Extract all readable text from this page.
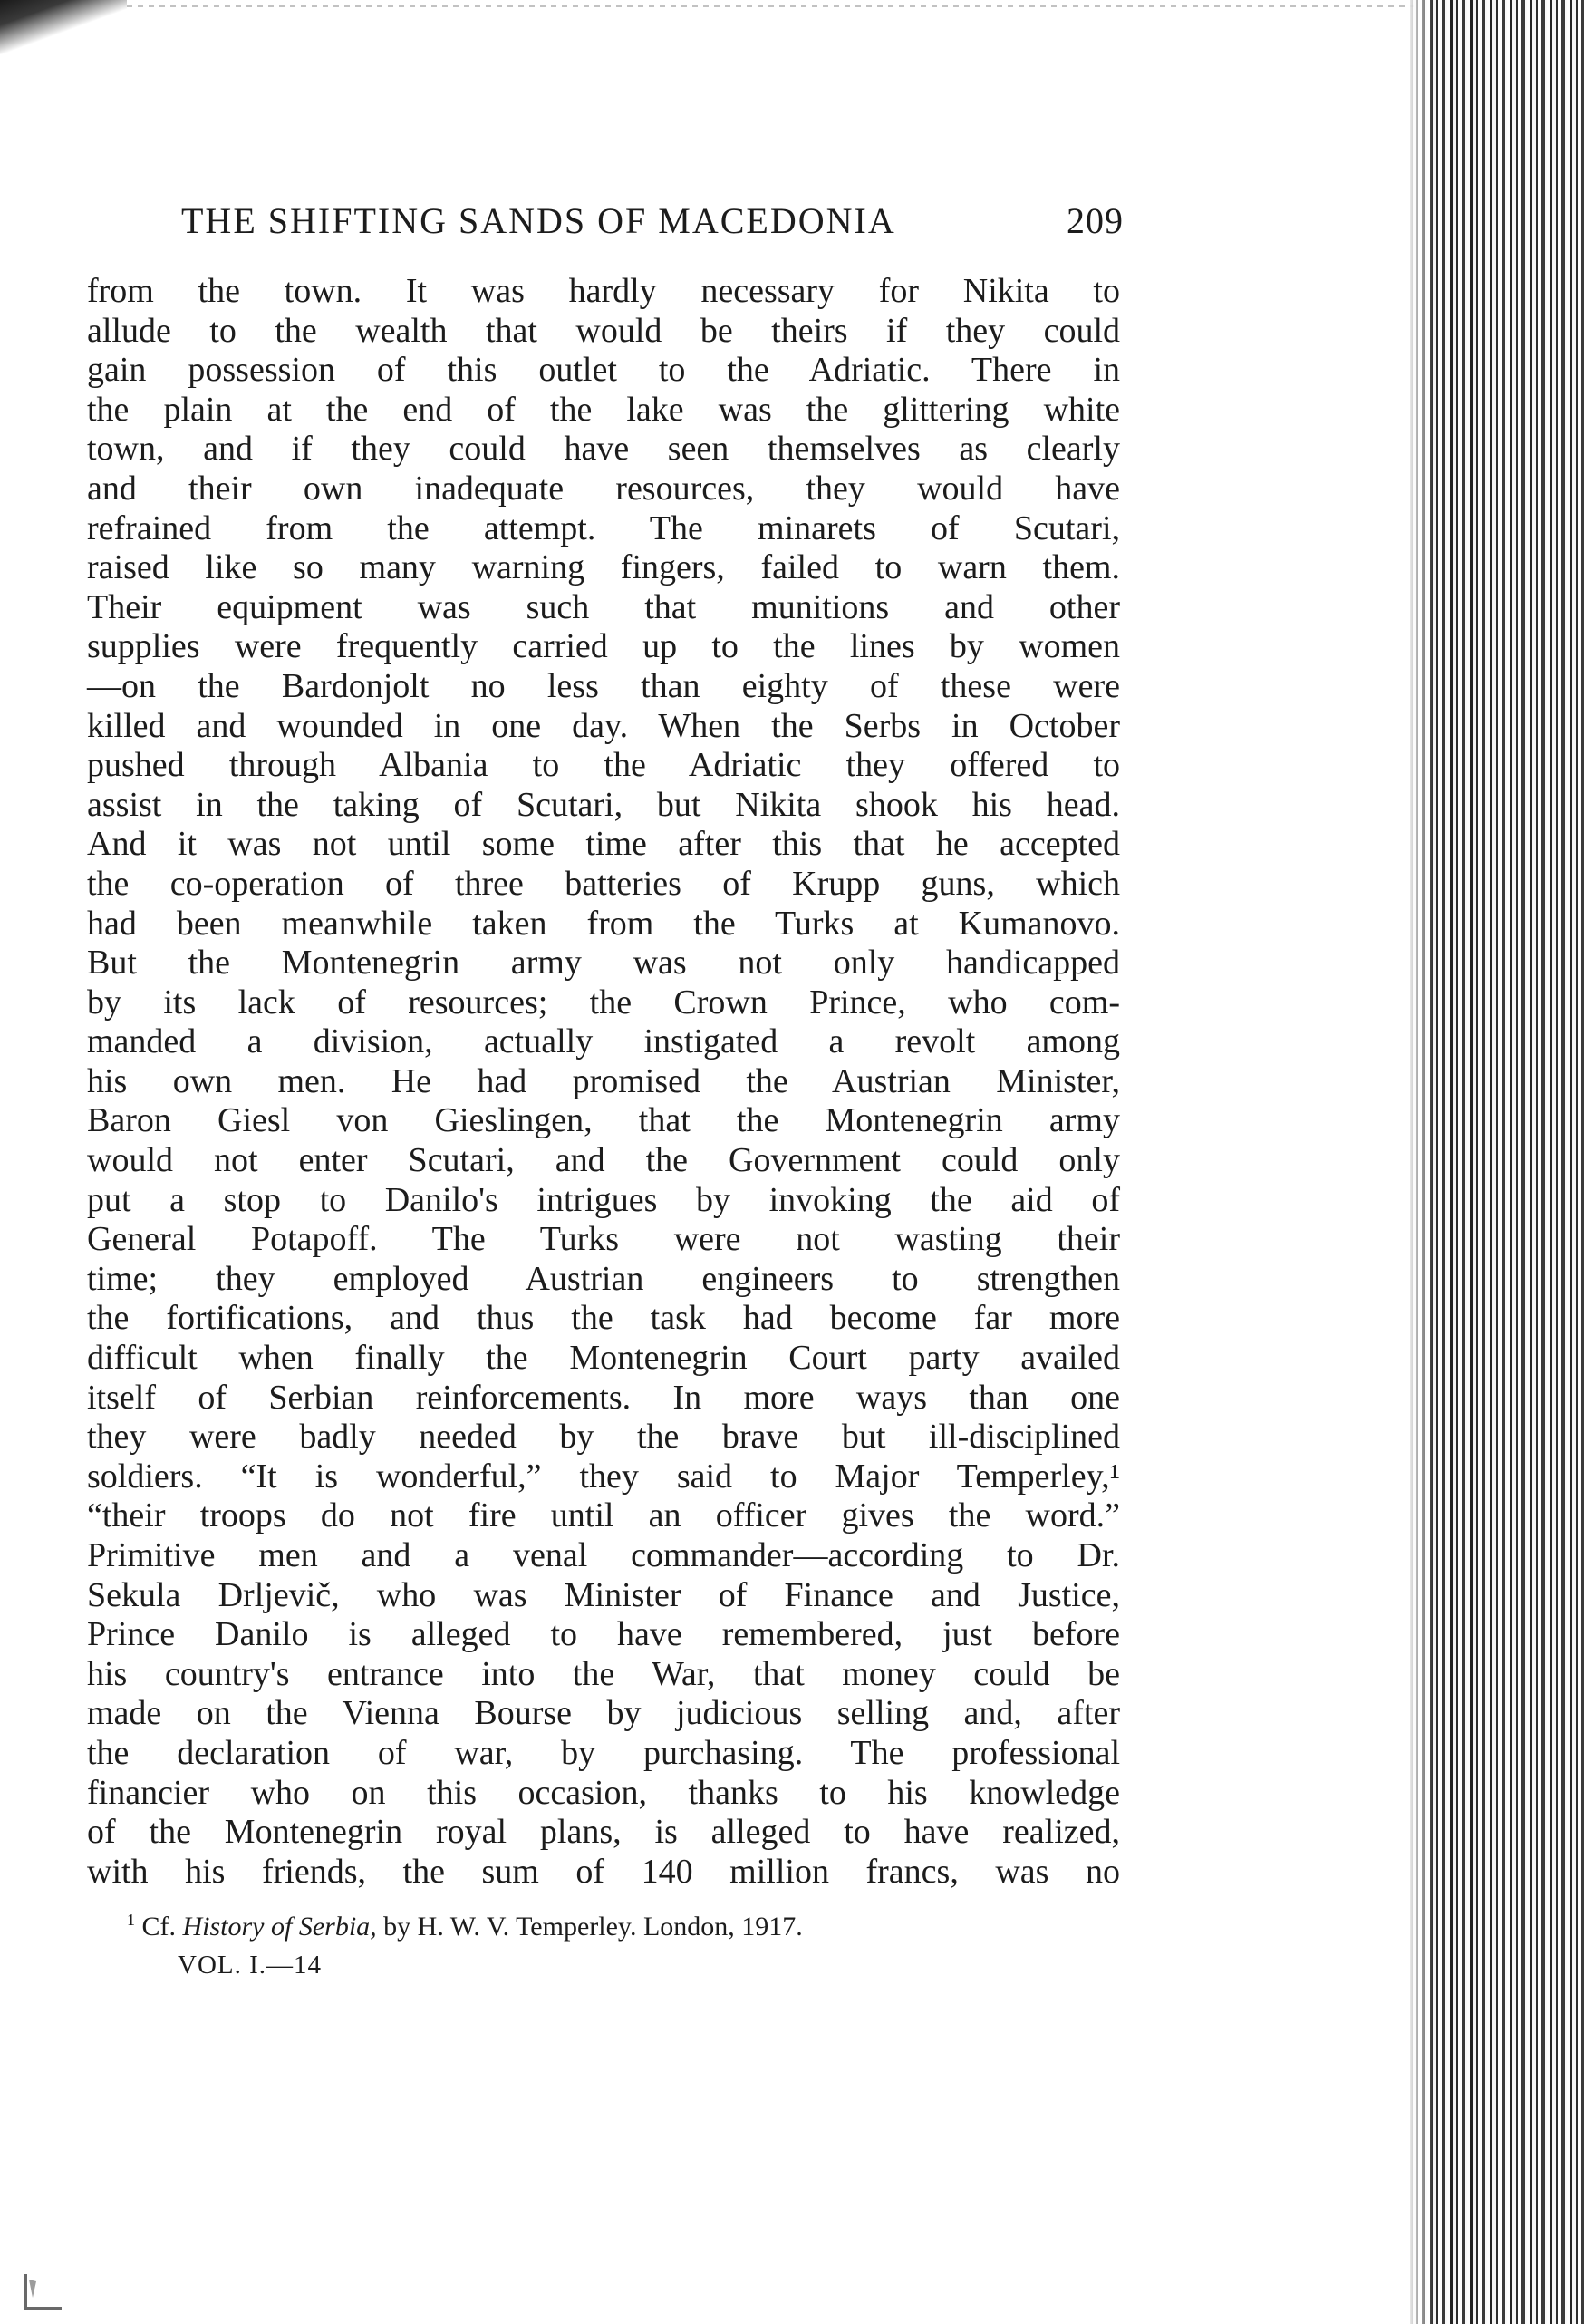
THE SHIFTING SANDS OF MACEDONIA	209
from the town. It was hardly necessary for Nikita to
allude to the wealth that would be theirs if they could
gain possession of this outlet to the Adriatic. There in
the plain at the end of the lake was the glittering white
town, and if they could have seen themselves as clearly
and their own inadequate resources, they would have
refrained from the attempt. The minarets of Scutari,
raised like so many warning fingers, failed to warn them.
Their equipment was such that munitions and other
supplies were frequently carried up to the lines by women
—on the Bardonjolt no less than eighty of these were
killed and wounded in one day. When the Serbs in October
pushed through Albania to the Adriatic they offered to
assist in the taking of Scutari, but Nikita shook his head.
And it was not until some time after this that he accepted
the co-operation of three batteries of Krupp guns, which
had been meanwhile taken from the Turks at Kumanovo.
But the Montenegrin army was not only handicapped
by its lack of resources; the Crown Prince, who com-
manded a division, actually instigated a revolt among
his own men. He had promised the Austrian Minister,
Baron Giesl von Gieslingen, that the Montenegrin army
would not enter Scutari, and the Government could only
put a stop to Danilo's intrigues by invoking the aid of
General Potapoff. The Turks were not wasting their
time; they employed Austrian engineers to strengthen
the fortifications, and thus the task had become far more
difficult when finally the Montenegrin Court party availed
itself of Serbian reinforcements. In more ways than one
they were badly needed by the brave but ill-disciplined
soldiers. “It is wonderful,” they said to Major Temperley,¹
“their troops do not fire until an officer gives the word.”
Primitive men and a venal commander—according to Dr.
Sekula Drljevič, who was Minister of Finance and Justice,
Prince Danilo is alleged to have remembered, just before
his country's entrance into the War, that money could be
made on the Vienna Bourse by judicious selling and, after
the declaration of war, by purchasing. The professional
financier who on this occasion, thanks to his knowledge
of the Montenegrin royal plans, is alleged to have realized,
with his friends, the sum of 140 million francs, was no
$^1$ Cf. History of Serbia, by H. W. V. Temperley. London, 1917.
VOL. I.—14
